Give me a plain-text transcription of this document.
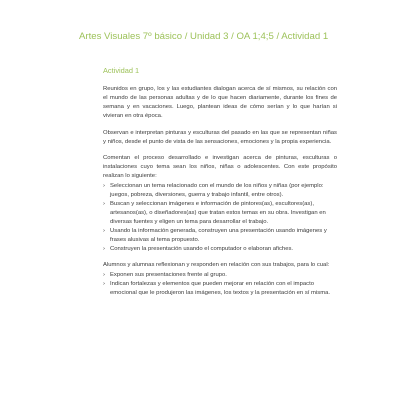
Artes Visuales 7º básico / Unidad 3 / OA 1;4;5 / Actividad 1
Actividad 1

Reunidos en grupo, los y las estudiantes dialogan acerca de sí mismos, su relación con el mundo de las personas adultas y de lo que hacen diariamente, durante los fines de semana y en vacaciones. Luego, plantean ideas de cómo serían y lo que harían si vivieran en otra época.

Observan e interpretan pinturas y esculturas del pasado en las que se representan niñas y niños, desde el punto de vista de las sensaciones, emociones y la propia experiencia.

Comentan el proceso desarrollado e investigan acerca de pinturas, esculturas o instalaciones cuyo tema sean los niños, niñas o adolescentes. Con este propósito realizan lo siguiente:

› Seleccionan un tema relacionado con el mundo de los niños y niñas (por ejemplo: juegos, pobreza, diversiones, guerra y trabajo infantil, entre otros).
› Buscan y seleccionan imágenes e información de pintores(as), escultores(as), artesanos(as), o diseñadores(as) que tratan estos temas en su obra. Investigan en diversas fuentes y eligen un tema para desarrollar el trabajo.
› Usando la información generada, construyen una presentación usando imágenes y frases alusivas al tema propuesto.
› Construyen la presentación usando el computador o elaboran afiches.

Alumnos y alumnas reflexionan y responden en relación con sus trabajos, para lo cual:

› Exponen sus presentaciones frente al grupo.
› Indican fortalezas y elementos que pueden mejorar en relación con el impacto emocional que le produjeron las imágenes, los textos y la presentación en sí misma.
